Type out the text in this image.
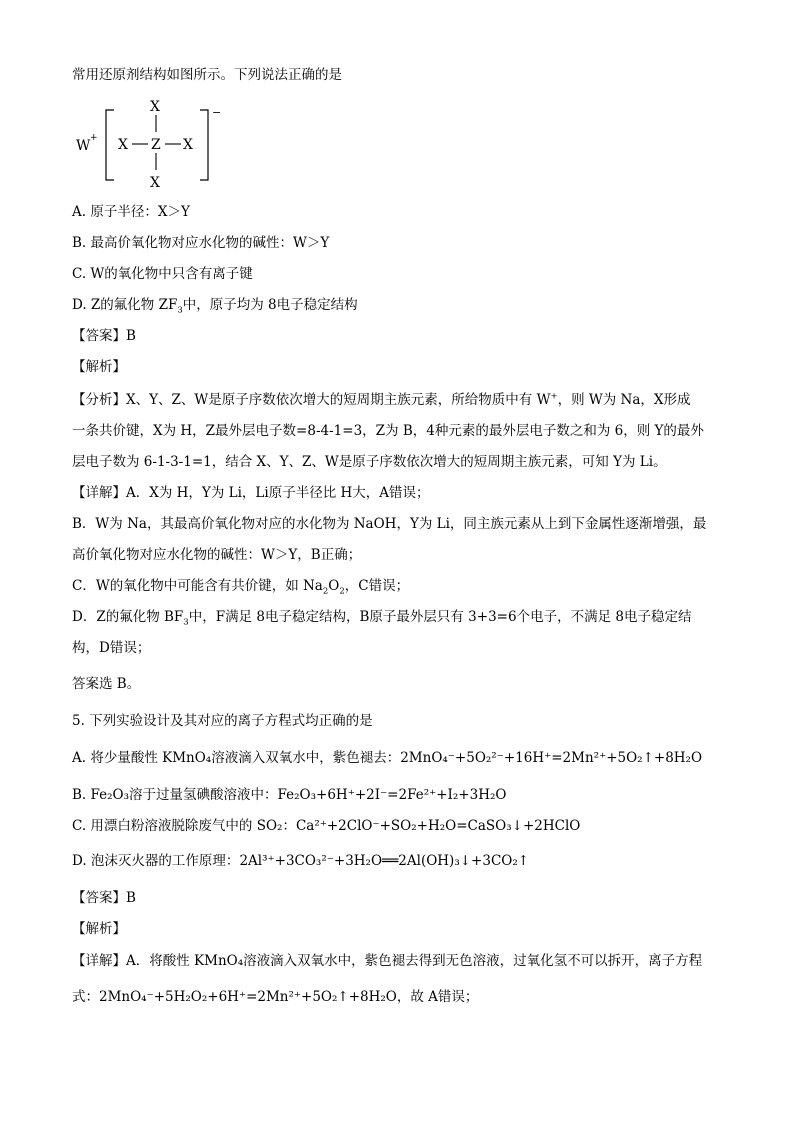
常用还原剂结构如图所示。下列说法正确的是
W +
−
X
X Z X
X
A. 原子半径：X＞Y
B. 最高价氧化物对应水化物的碱性：W＞Y
C. W的氧化物中只含有离子键
D. Z的氟化物 $ZF_3$中，原子均为 8电子稳定结构
【答案】B
【解析】
【分析】X、Y、Z、W是原子序数依次增大的短周期主族元素，所给物质中有 W+，则 W为 Na，X形成
一条共价键，X为 H，Z最外层电子数=8-4-1=3，Z为 B，4种元素的最外层电子数之和为 6，则 Y的最外
层电子数为 6-1-3-1=1，结合 X、Y、Z、W是原子序数依次增大的短周期主族元素，可知 Y为 Li。
【详解】A．X为 H，Y为 Li，Li原子半径比 H大，A错误；
B．W为 Na，其最高价氧化物对应的水化物为 NaOH，Y为 Li，同主族元素从上到下金属性逐渐增强，最
高价氧化物对应水化物的碱性：W＞Y，B正确；
C．W的氧化物中可能含有共价键，如 $Na_2O_2$，C错误；
D．Z的氟化物 $BF_3$中，F满足 8电子稳定结构，B原子最外层只有 3+3=6个电子，不满足 8电子稳定结
构，D错误；
答案选 B。
5. 下列实验设计及其对应的离子方程式均正确的是
A. 将少量酸性 KMnO₄溶液滴入双氧水中，紫色褪去：2MnO₄⁻+5O₂²⁻+16H⁺=2Mn²⁺+5O₂↑+8H₂O
B. Fe₂O₃溶于过量氢碘酸溶液中：Fe₂O₃+6H⁺+2I⁻=2Fe²⁺+I₂+3H₂O
C. 用漂白粉溶液脱除废气中的 SO₂：Ca²⁺+2ClO⁻+SO₂+H₂O=CaSO₃↓+2HClO
D. 泡沫灭火器的工作原理：2Al³⁺+3CO₃²⁻+3H₂O══2Al(OH)₃↓+3CO₂↑
【答案】B
【解析】
【详解】A．将酸性 KMnO₄溶液滴入双氧水中，紫色褪去得到无色溶液，过氧化氢不可以拆开，离子方程
式：2MnO₄⁻+5H₂O₂+6H⁺=2Mn²⁺+5O₂↑+8H₂O，故 A错误；
